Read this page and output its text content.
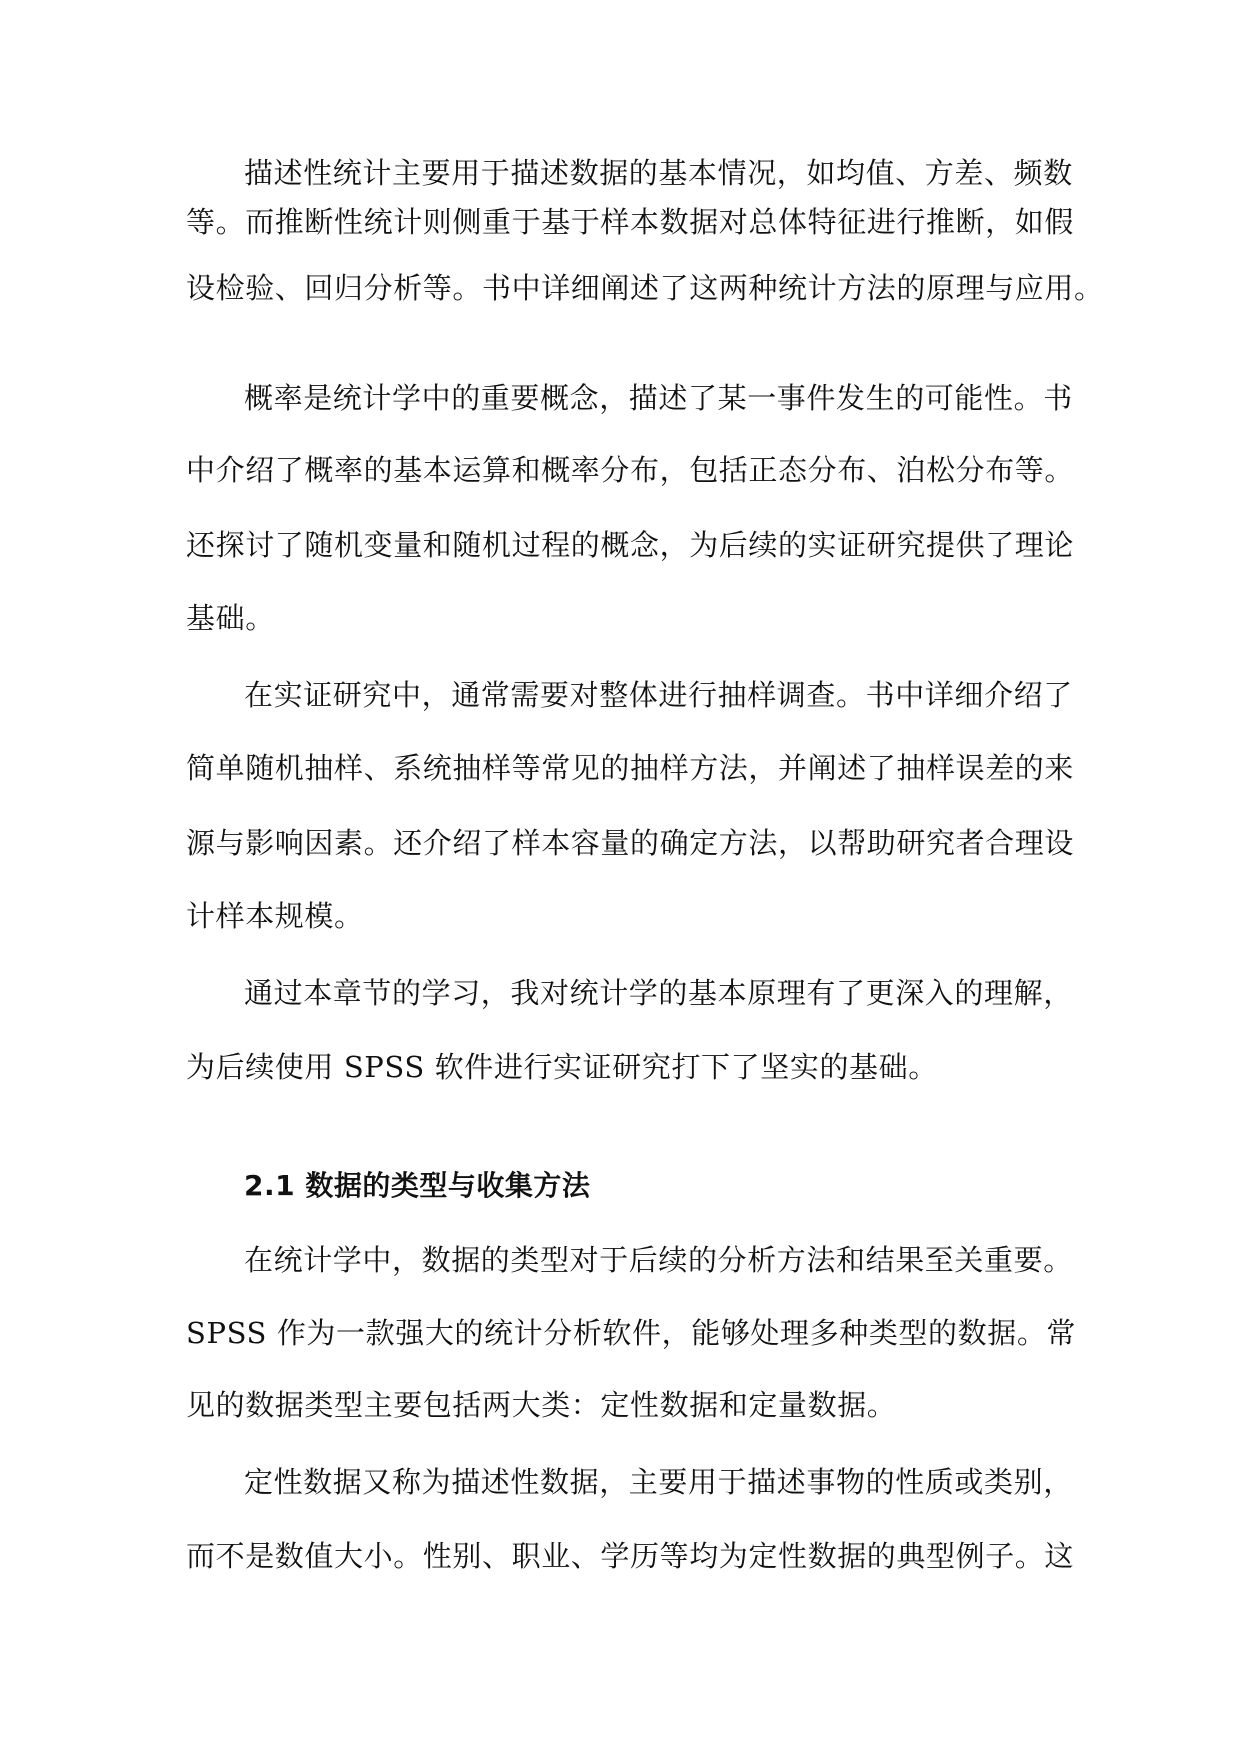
描述性统计主要用于描述数据的基本情况，如均值、方差、频数
等。而推断性统计则侧重于基于样本数据对总体特征进行推断，如假
设检验、回归分析等。书中详细阐述了这两种统计方法的原理与应用。
概率是统计学中的重要概念，描述了某一事件发生的可能性。书
中介绍了概率的基本运算和概率分布，包括正态分布、泊松分布等。
还探讨了随机变量和随机过程的概念，为后续的实证研究提供了理论
基础。
在实证研究中，通常需要对整体进行抽样调查。书中详细介绍了
简单随机抽样、系统抽样等常见的抽样方法，并阐述了抽样误差的来
源与影响因素。还介绍了样本容量的确定方法，以帮助研究者合理设
计样本规模。
通过本章节的学习，我对统计学的基本原理有了更深入的理解，
为后续使用 SPSS 软件进行实证研究打下了坚实的基础。
2.1 数据的类型与收集方法
在统计学中，数据的类型对于后续的分析方法和结果至关重要。
SPSS 作为一款强大的统计分析软件，能够处理多种类型的数据。常
见的数据类型主要包括两大类：定性数据和定量数据。
定性数据又称为描述性数据，主要用于描述事物的性质或类别，
而不是数值大小。性别、职业、学历等均为定性数据的典型例子。这
